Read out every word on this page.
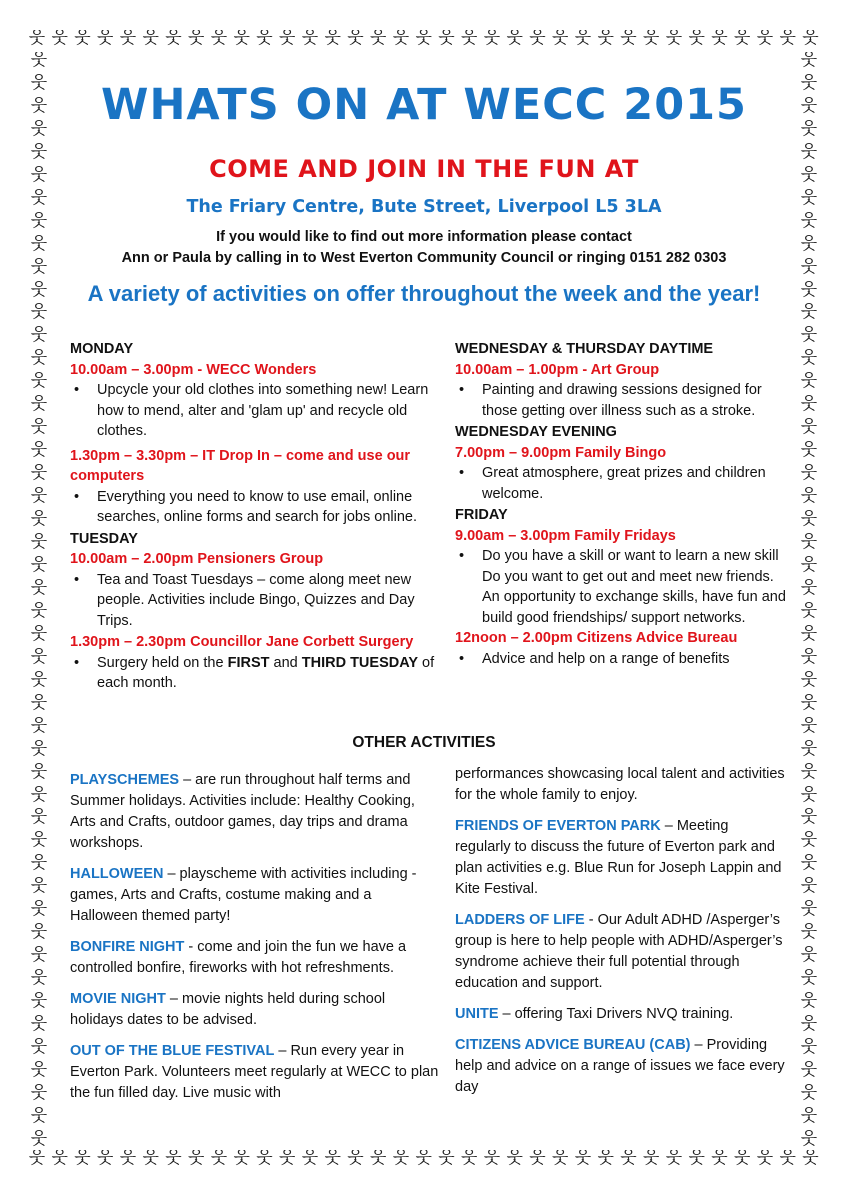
웃 웃 웃 웃 웃 웃 웃 웃 웃 웃 웃 웃 웃 웃 웃 웃 웃 웃 웃 웃 웃 웃 웃 웃 웃 웃 웃 웃 웃 웃 웃 웃 웃 웃 웃
웃 웃 웃 웃 웃 웃 웃 웃 웃 웃 웃 웃 웃 웃 웃 웃 웃 웃 웃 웃 웃 웃 웃 웃 웃 웃 웃 웃 웃 웃 웃 웃 웃 웃 웃
웃
웃
웃
웃
웃
웃
웃
웃
웃
웃
웃
웃
웃
웃
웃
웃
웃
웃
웃
웃
웃
웃
웃
웃
웃
웃
웃
웃
웃
웃
웃
웃
웃
웃
웃
웃
웃
웃
웃
웃
웃
웃
웃
웃
웃
웃
웃
웃
웃
웃
웃
웃
웃
웃
웃
웃
웃
웃
웃
웃
웃
웃
웃
웃
웃
웃
웃
웃
웃
웃
웃
웃
웃
웃
웃
웃
웃
웃
웃
웃
웃
웃
웃
웃
웃
웃
웃
웃
웃
웃
웃
웃
웃
웃
웃
웃
WHATS ON AT WECC 2015
COME AND JOIN IN THE FUN AT
The Friary Centre, Bute Street, Liverpool L5 3LA
If you would like to find out more information please contact
Ann or Paula by calling in to West Everton Community Council or ringing 0151 282 0303
A variety of activities on offer throughout the week and the year!
MONDAY
10.00am – 3.00pm - WECC Wonders
• Upcycle your old clothes into something new! Learn how to mend, alter and 'glam up' and recycle old clothes.
1.30pm – 3.30pm – IT Drop In – come and use our computers
• Everything you need to know to use email, online searches, online forms and search for jobs online.
TUESDAY
10.00am – 2.00pm Pensioners Group
• Tea and Toast Tuesdays – come along meet new people. Activities include Bingo, Quizzes and Day Trips.
1.30pm – 2.30pm Councillor Jane Corbett Surgery
• Surgery held on the FIRST and THIRD TUESDAY of each month.
WEDNESDAY & THURSDAY DAYTIME
10.00am – 1.00pm - Art Group
• Painting and drawing sessions designed for those getting over illness such as a stroke.
WEDNESDAY EVENING
7.00pm – 9.00pm Family Bingo
• Great atmosphere, great prizes and children welcome.
FRIDAY
9.00am – 3.00pm Family Fridays
• Do you have a skill or want to learn a new skill Do you want to get out and meet new friends. An opportunity to exchange skills, have fun and build good friendships/ support networks.
12noon – 2.00pm Citizens Advice Bureau
• Advice and help on a range of benefits
OTHER ACTIVITIES
PLAYSCHEMES – are run throughout half terms and Summer holidays. Activities include: Healthy Cooking, Arts and Crafts, outdoor games, day trips and drama workshops.
HALLOWEEN – playscheme with activities including - games, Arts and Crafts, costume making and a Halloween themed party!
BONFIRE NIGHT - come and join the fun we have a controlled bonfire, fireworks with hot refreshments.
MOVIE NIGHT – movie nights held during school holidays dates to be advised.
OUT OF THE BLUE FESTIVAL – Run every year in Everton Park. Volunteers meet regularly at WECC to plan the fun filled day. Live music with
performances showcasing local talent and activities for the whole family to enjoy.
FRIENDS OF EVERTON PARK – Meeting regularly to discuss the future of Everton park and plan activities e.g. Blue Run for Joseph Lappin and Kite Festival.
LADDERS OF LIFE - Our Adult ADHD /Asperger’s group is here to help people with ADHD/Asperger’s syndrome achieve their full potential through education and support.
UNITE – offering Taxi Drivers NVQ training.
CITIZENS ADVICE BUREAU (CAB) – Providing help and advice on a range of issues we face every day
